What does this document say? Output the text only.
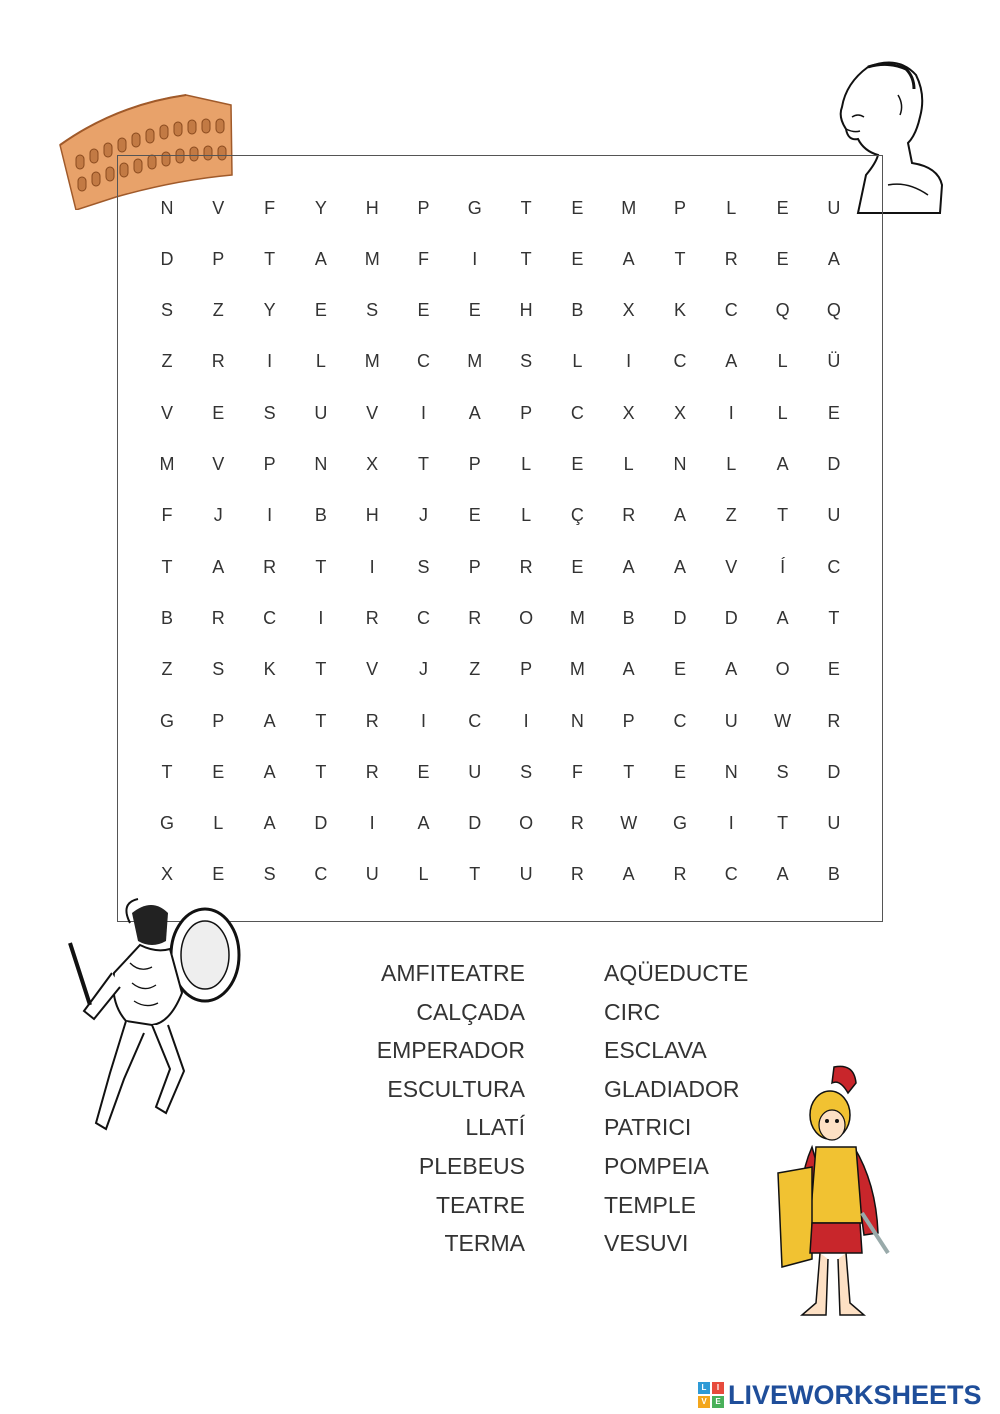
N	V	F	Y	H	P	G	T	E	M	P	L	E	U
D	P	T	A	M	F	I	T	E	A	T	R	E	A
S	Z	Y	E	S	E	E	H	B	X	K	C	Q	Q
Z	R	I	L	M	C	M	S	L	I	C	A	L	Ü
V	E	S	U	V	I	A	P	C	X	X	I	L	E
M	V	P	N	X	T	P	L	E	L	N	L	A	D
F	J	I	B	H	J	E	L	Ç	R	A	Z	T	U
T	A	R	T	I	S	P	R	E	A	A	V	Í	C
B	R	C	I	R	C	R	O	M	B	D	D	A	T
Z	S	K	T	V	J	Z	P	M	A	E	A	O	E
G	P	A	T	R	I	C	I	N	P	C	U	W	R
T	E	A	T	R	E	U	S	F	T	E	N	S	D
G	L	A	D	I	A	D	O	R	W	G	I	T	U
X	E	S	C	U	L	T	U	R	A	R	C	A	B
AMFITEATRE
CALÇADA
EMPERADOR
ESCULTURA
LLATÍ
PLEBEUS
TEATRE
TERMA
AQÜEDUCTE
CIRC
ESCLAVA
GLADIADOR
PATRICI
POMPEIA
TEMPLE
VESUVI
L	I
V	E LIVEWORKSHEETS
